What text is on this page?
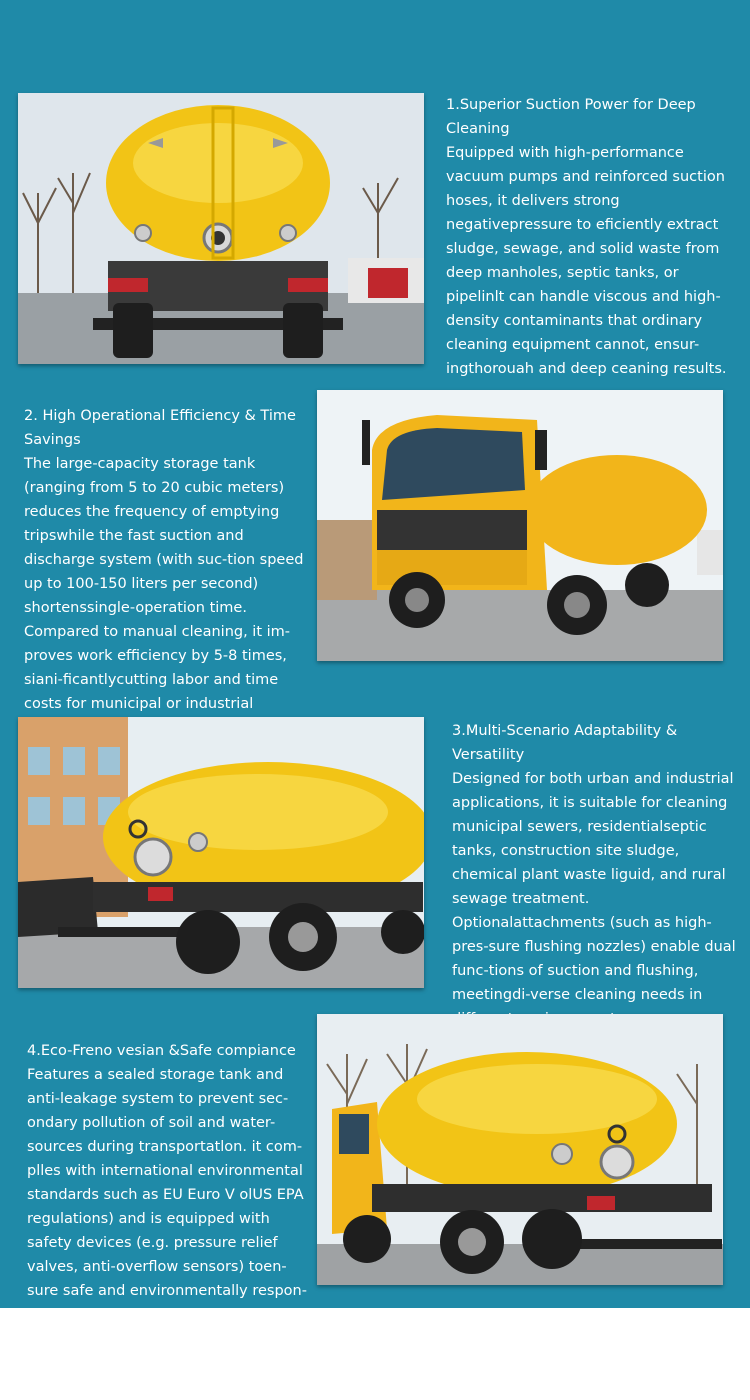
1.Superior Suction Power for Deep Cleaning
Equipped with high-performance vacuum pumps and reinforced suction hoses, it delivers strong negativepressure to eficiently extract sludge, sewage, and solid waste from deep manholes, septic tanks, or pipelinlt can handle viscous and high-density contaminants that ordinary cleaning equipment cannot, ensur-ingthorouah and deep ceaning results.
2. High Operational Efficiency & Time Savings
The large-capacity storage tank (ranging from 5 to 20 cubic meters) reduces the frequency of emptying tripswhile the fast suction and discharge system (with suc-tion speed up to 100-150 liters per second) shortenssingle-operation time. Compared to manual cleaning, it im-proves work efficiency by 5-8 times, siani-ficantlycutting labor and time costs for municipal or industrial
3.Multi-Scenario Adaptability & Versatility
Designed for both urban and industrial applications, it is suitable for cleaning municipal sewers, residentialseptic tanks, construction site sludge, chemical plant waste liguid, and rural sewage treatment. Optionalattachments (such as high-pres-sure flushing nozzles) enable dual func-tions of suction and flushing, meetingdi-verse cleaning needs in
4.Eco-Freno vesian &Safe compiance
Features a sealed storage tank and anti-leakage system to prevent sec-ondary pollution of soil and water-sources during transportatlon. it com-plles with international environmental standards such as EU Euro V olUS EPA regulations) and is equipped with safety devices (e.g. pressure relief valves, anti-overflow sensors) toen-sure safe and environmentally respon-sible operations.
